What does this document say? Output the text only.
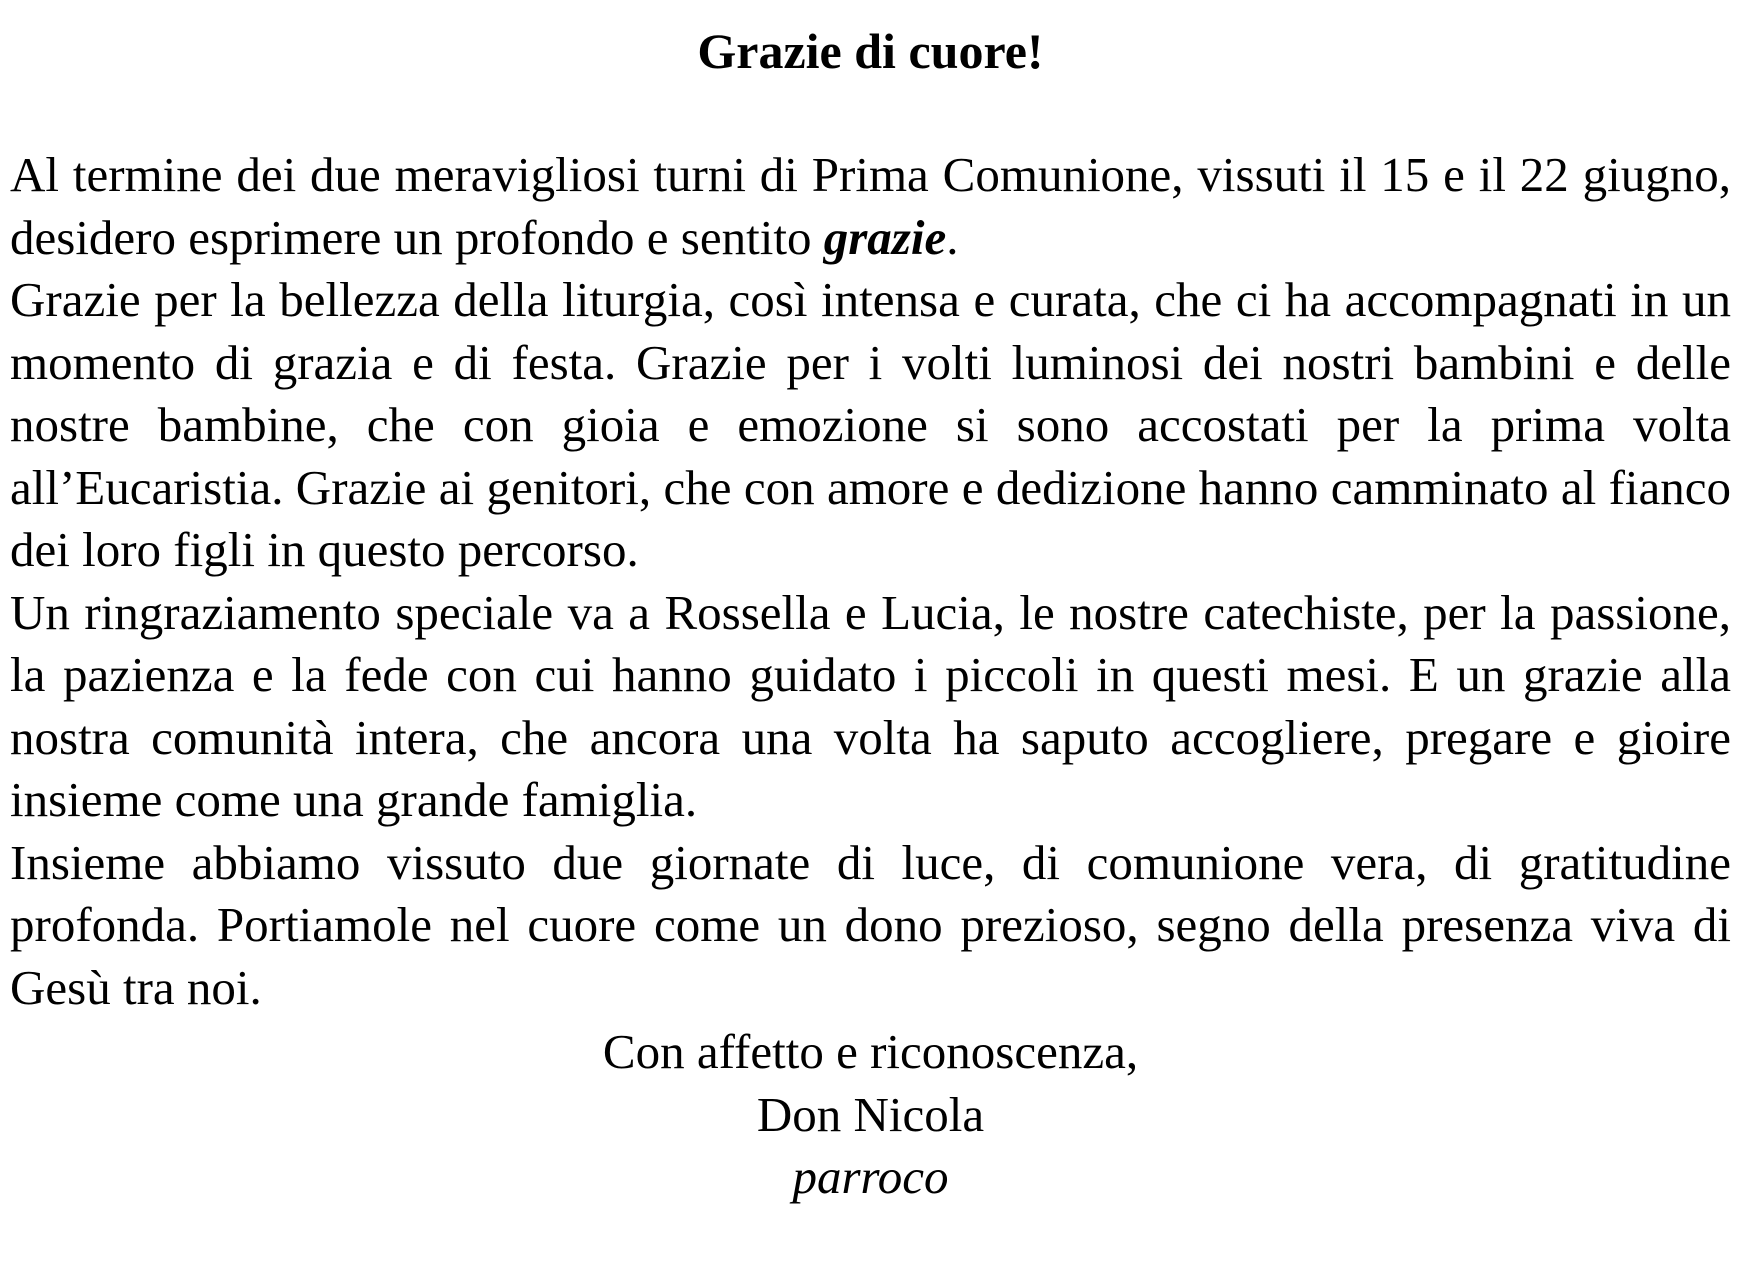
Grazie di cuore!

Al termine dei due meravigliosi turni di Prima Comunione, vissuti il 15 e il 22 giugno, desidero esprimere un profondo e sentito grazie.

Grazie per la bellezza della liturgia, così intensa e curata, che ci ha accompagnati in un momento di grazia e di festa. Grazie per i volti luminosi dei nostri bambini e delle nostre bambine, che con gioia e emozione si sono accostati per la prima volta all’Eucaristia. Grazie ai genitori, che con amore e dedizione hanno camminato al fianco dei loro figli in questo percorso.

Un ringraziamento speciale va a Rossella e Lucia, le nostre catechiste, per la passione, la pazienza e la fede con cui hanno guidato i piccoli in questi mesi. E un grazie alla nostra comunità intera, che ancora una volta ha saputo accogliere, pregare e gioire insieme come una grande famiglia.

Insieme abbiamo vissuto due giornate di luce, di comunione vera, di gratitudine profonda. Portiamole nel cuore come un dono prezioso, segno della presenza viva di Gesù tra noi.

Con affetto e riconoscenza,
Don Nicola
parroco
